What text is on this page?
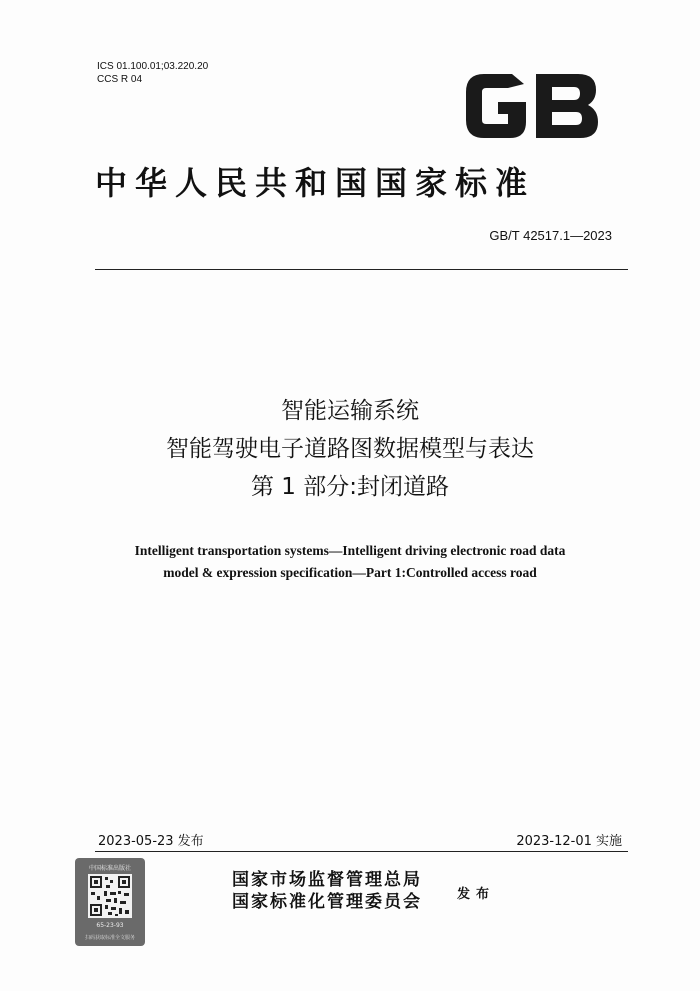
ICS 01.100.01;03.220.20
CCS R 04
中华人民共和国国家标准
GB/T 42517.1—2023
智能运输系统
智能驾驶电子道路图数据模型与表达
第 1 部分:封闭道路
Intelligent transportation systems—Intelligent driving electronic road data
model & expression specification—Part 1:Controlled access road
2023-05-23 发布	2023-12-01 实施
中国标准出版社
65-23-93
扫码获取标准全文服务
国家市场监督管理总局
国家标准化管理委员会	发布
